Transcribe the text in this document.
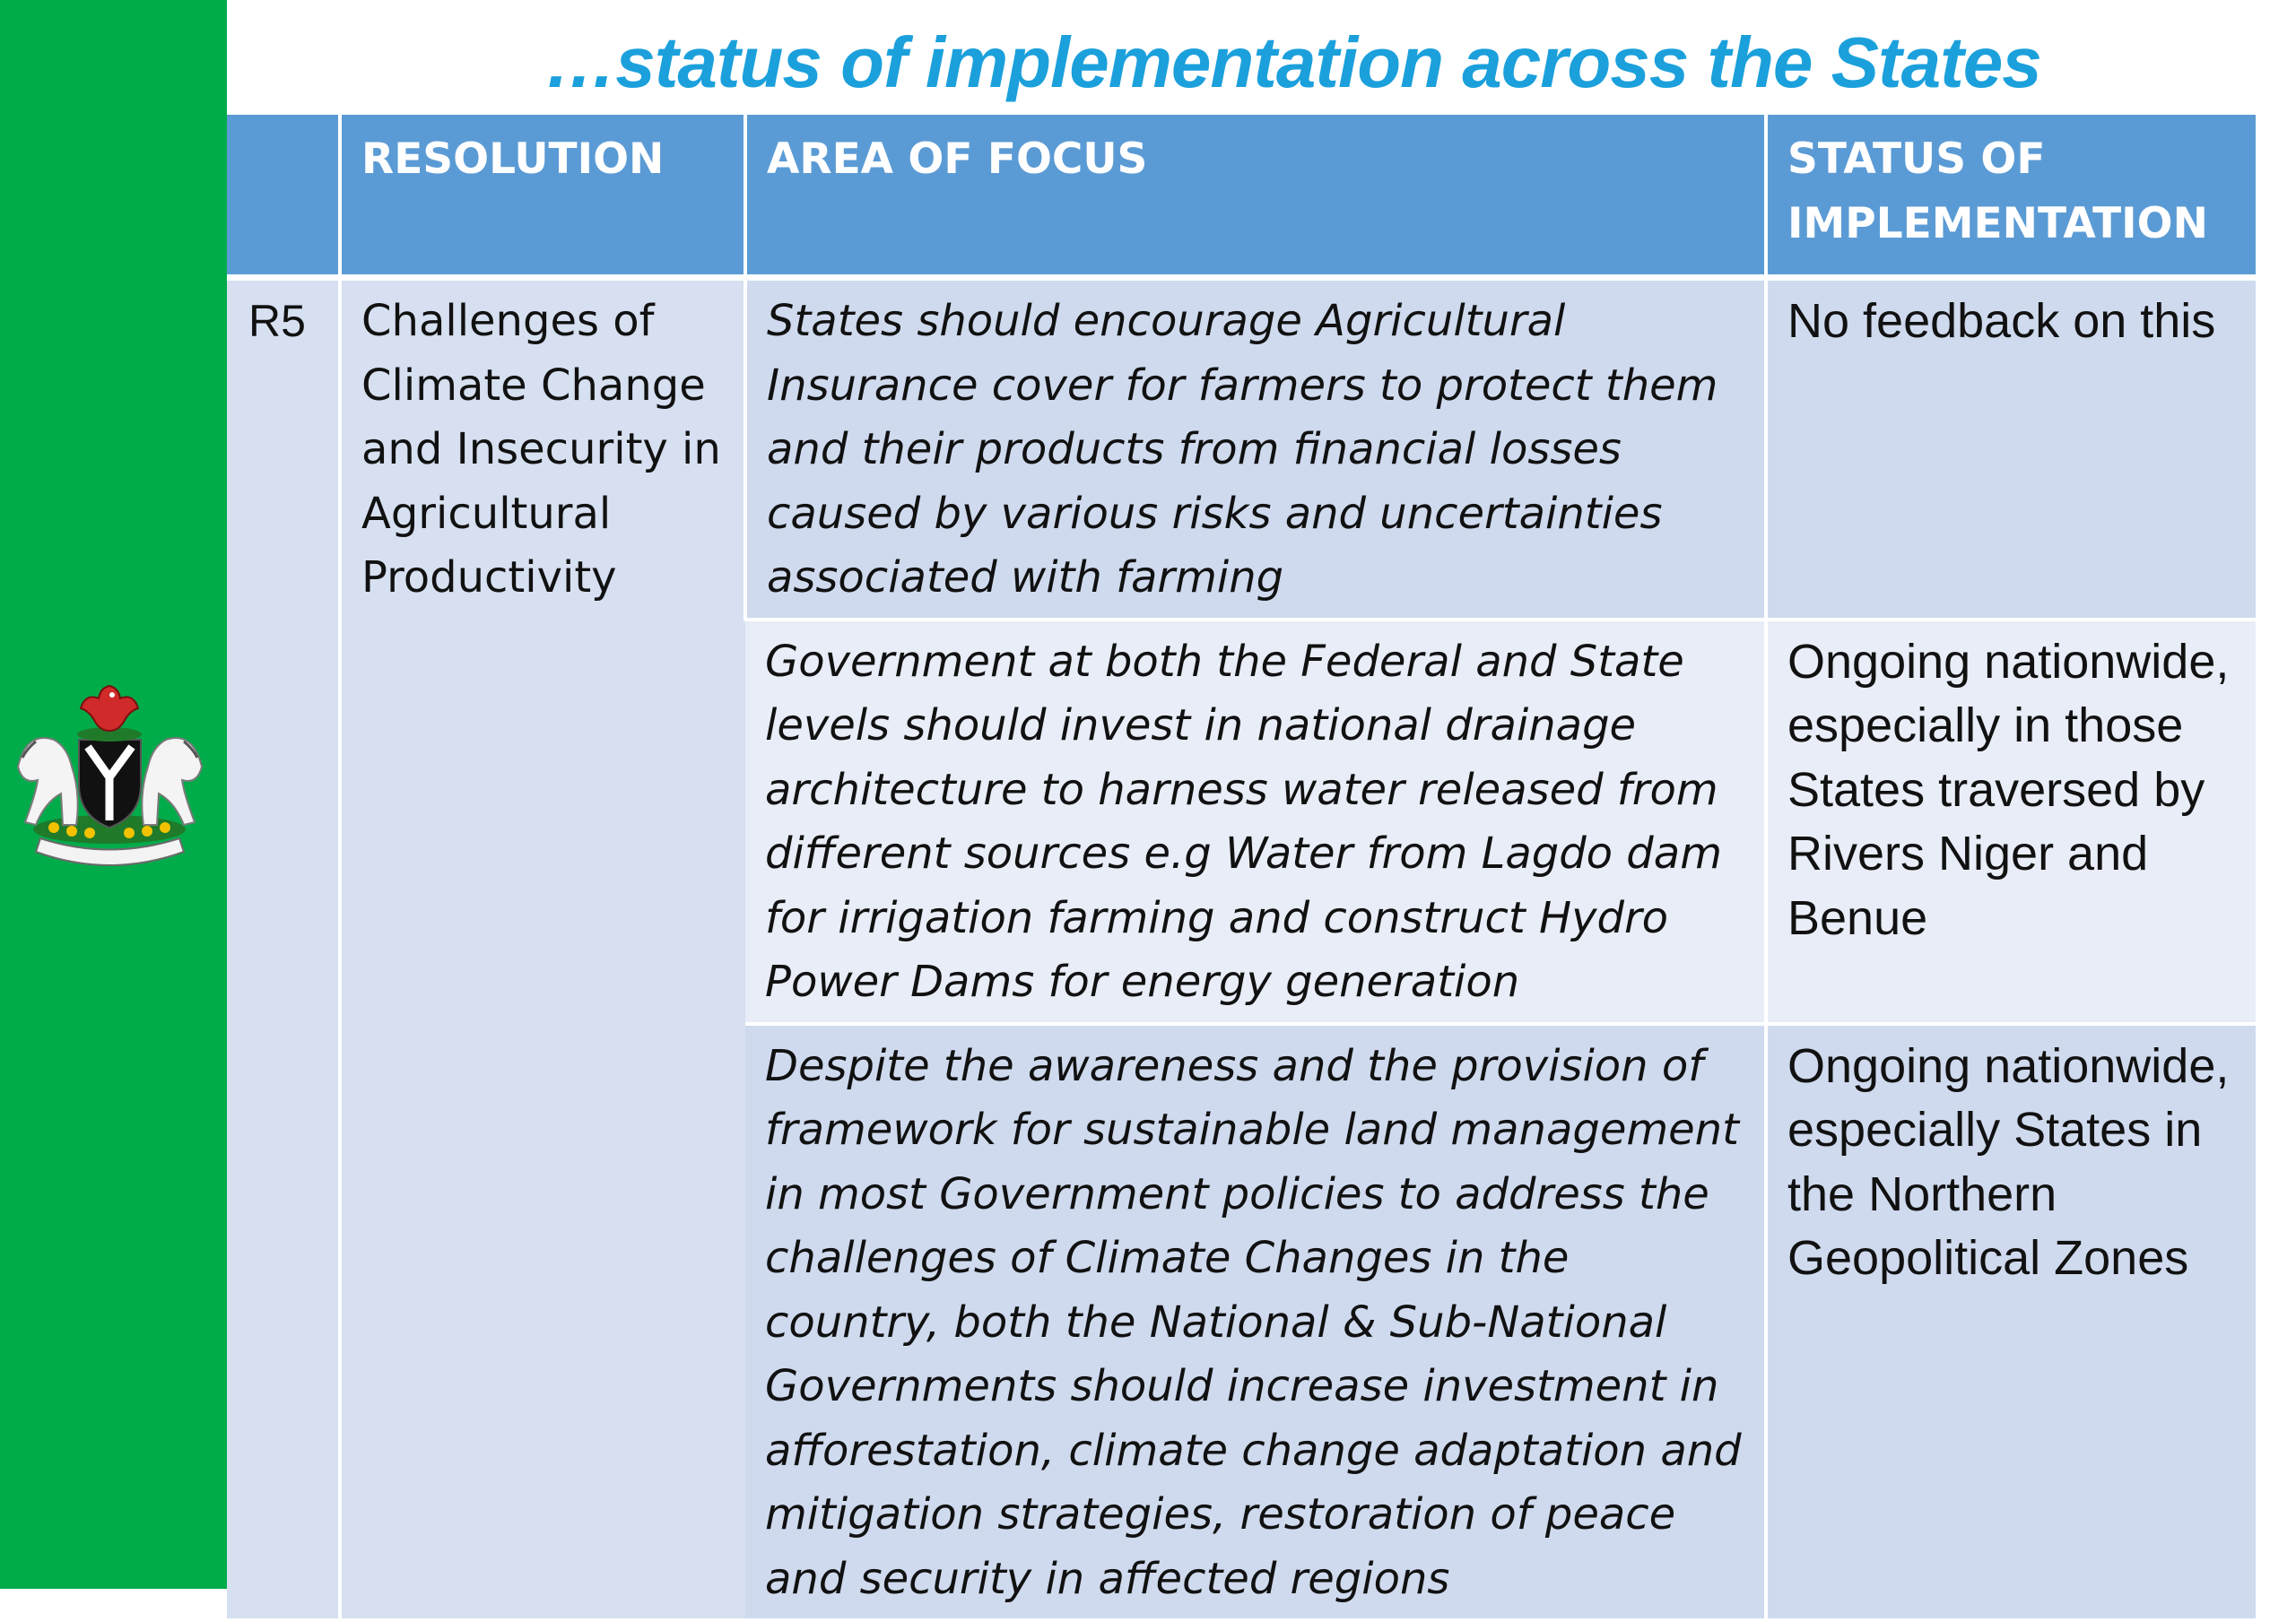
…status of implementation across the States
	RESOLUTION	AREA OF FOCUS	STATUS OF IMPLEMENTATION
R5	Challenges of Climate Change and Insecurity in Agricultural Productivity	States should encourage Agricultural Insurance cover for farmers to protect them and their products from financial losses caused by various risks and uncertainties associated with farming	No feedback on this
		Government at both the Federal and State levels should invest in national drainage architecture to harness water released from different sources e.g Water from Lagdo dam for irrigation farming and construct Hydro Power Dams for energy generation	Ongoing nationwide, especially in those States traversed by Rivers Niger and Benue
		Despite the awareness and the provision of framework for sustainable land management in most Government policies to address the challenges of Climate Changes in the country, both the National & Sub-National Governments should increase investment in afforestation, climate change adaptation and mitigation strategies, restoration of peace and security in affected regions	Ongoing nationwide, especially States in the Northern Geopolitical Zones
